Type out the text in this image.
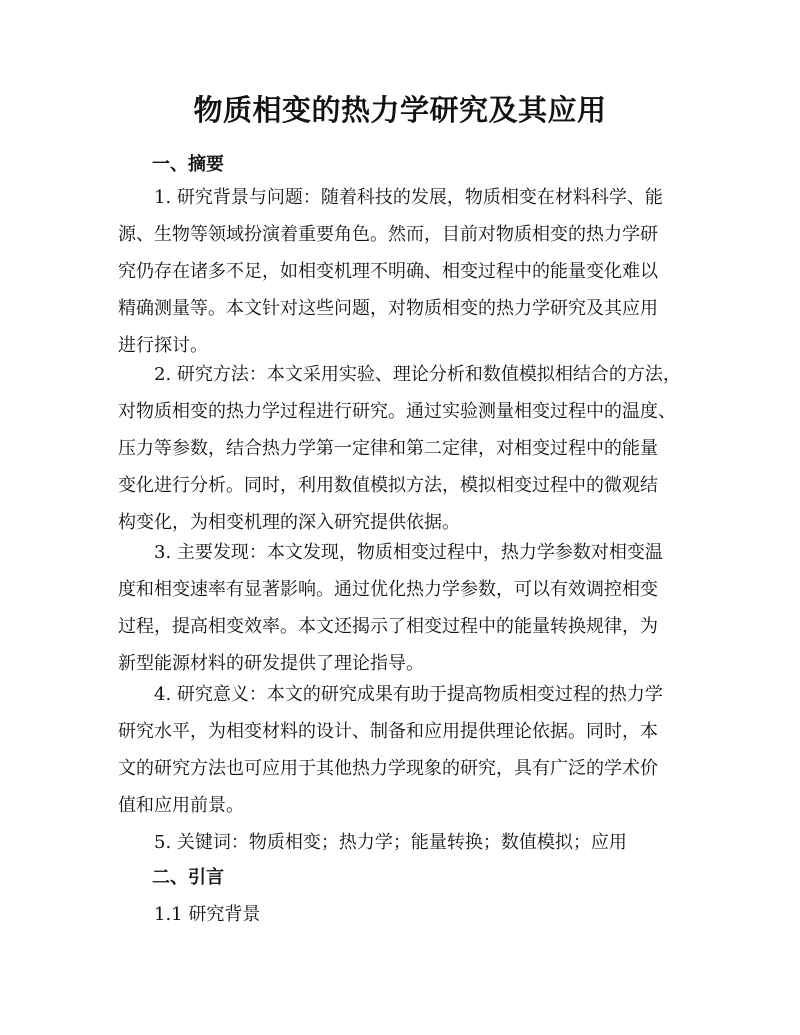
物质相变的热力学研究及其应用
一、摘要
1. 研究背景与问题：随着科技的发展，物质相变在材料科学、能
源、生物等领域扮演着重要角色。然而，目前对物质相变的热力学研
究仍存在诸多不足，如相变机理不明确、相变过程中的能量变化难以
精确测量等。本文针对这些问题，对物质相变的热力学研究及其应用
进行探讨。
2. 研究方法：本文采用实验、理论分析和数值模拟相结合的方法，
对物质相变的热力学过程进行研究。通过实验测量相变过程中的温度、
压力等参数，结合热力学第一定律和第二定律，对相变过程中的能量
变化进行分析。同时，利用数值模拟方法，模拟相变过程中的微观结
构变化，为相变机理的深入研究提供依据。
3. 主要发现：本文发现，物质相变过程中，热力学参数对相变温
度和相变速率有显著影响。通过优化热力学参数，可以有效调控相变
过程，提高相变效率。本文还揭示了相变过程中的能量转换规律，为
新型能源材料的研发提供了理论指导。
4. 研究意义：本文的研究成果有助于提高物质相变过程的热力学
研究水平，为相变材料的设计、制备和应用提供理论依据。同时，本
文的研究方法也可应用于其他热力学现象的研究，具有广泛的学术价
值和应用前景。
5. 关键词：物质相变；热力学；能量转换；数值模拟；应用
二、引言
1.1 研究背景
